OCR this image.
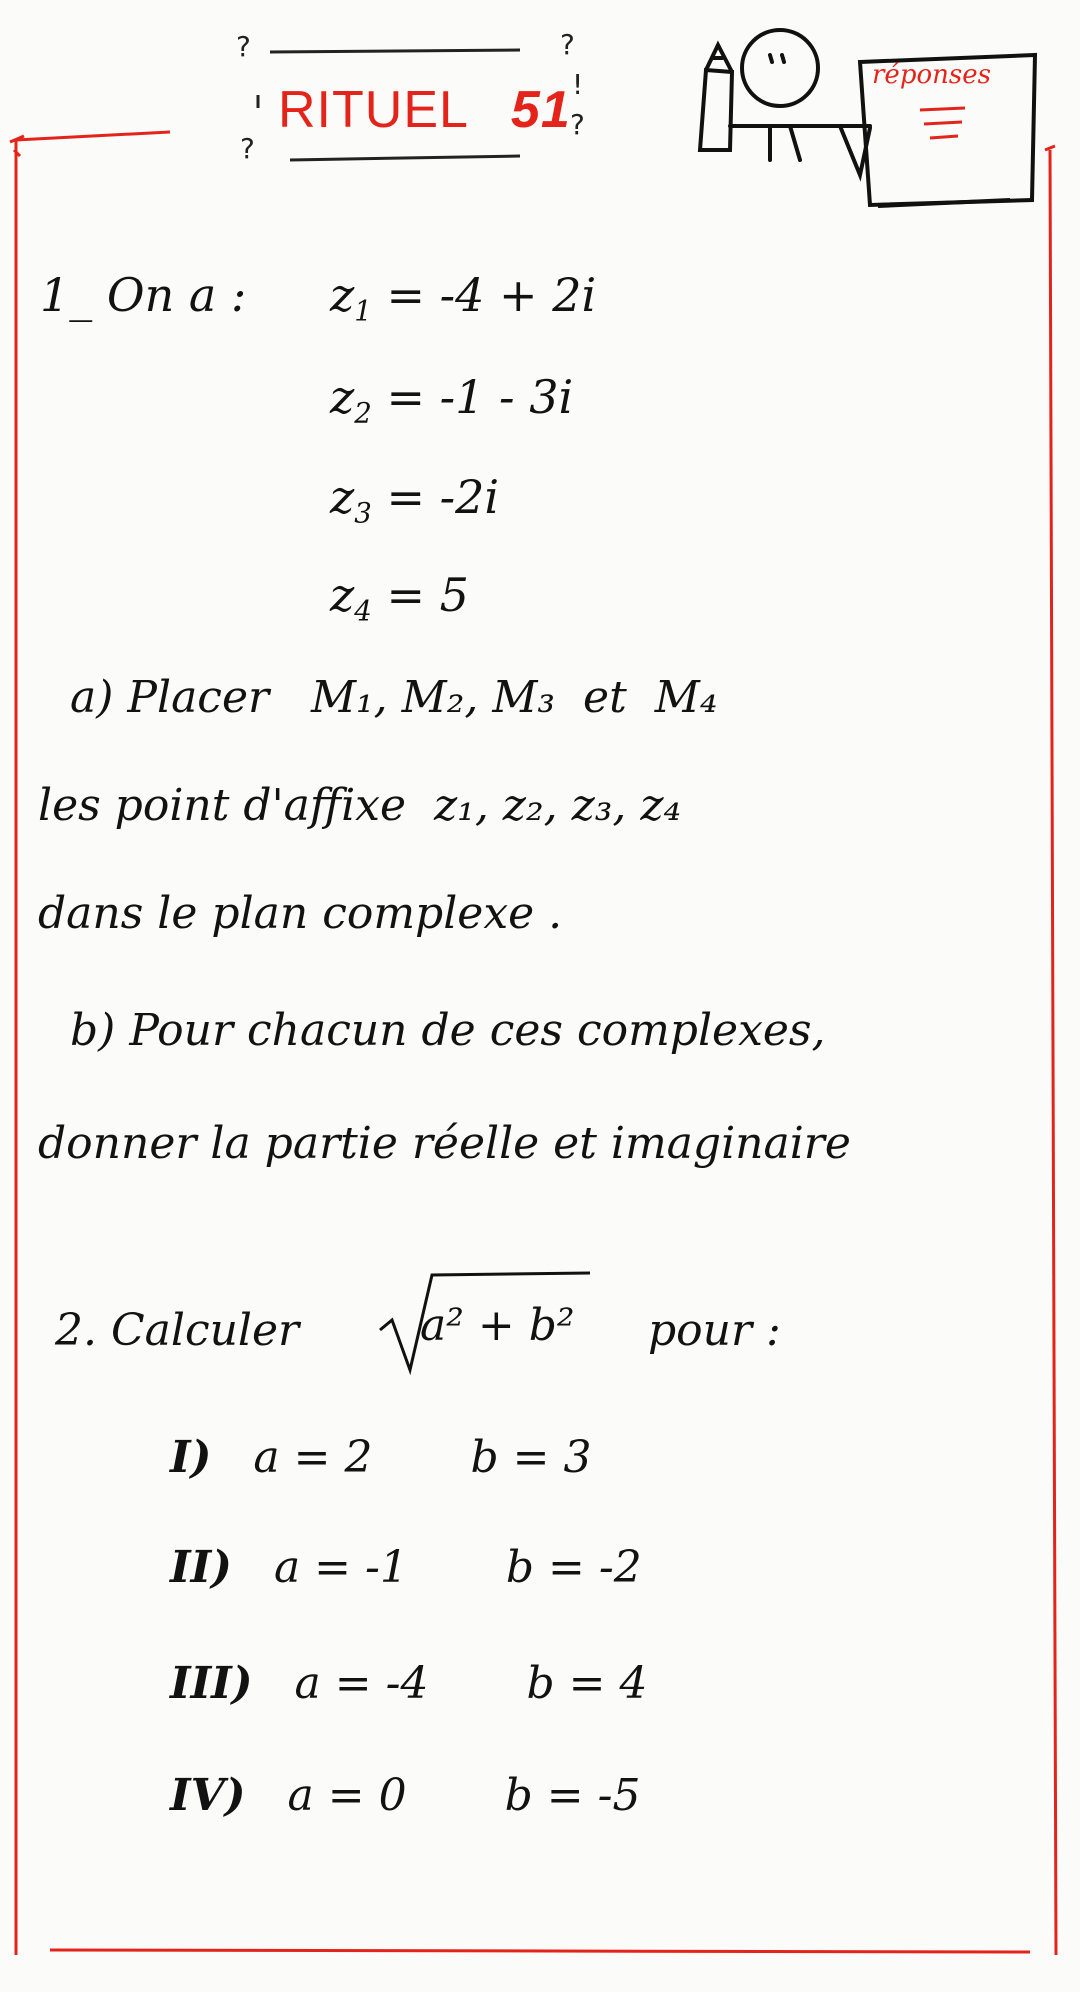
?
?
?
!
?
RITUEL 51
réponses
1_ On a : $z_1 = -4 + 2i$
$z_2 = -1 - 3i$
$z_3 = -2i$
$z_4 = 5$
a) Placer M₁, M₂, M₃ et M₄
les point d'affixe z₁, z₂, z₃, z₄
dans le plan complexe .
b) Pour chacun de ces complexes,
donner la partie réelle et imaginaire
2. Calculer	a² + b² pour :
I) a = 2 b = 3
II) a = -1 b = -2
III) a = -4 b = 4
IV) a = 0 b = -5
